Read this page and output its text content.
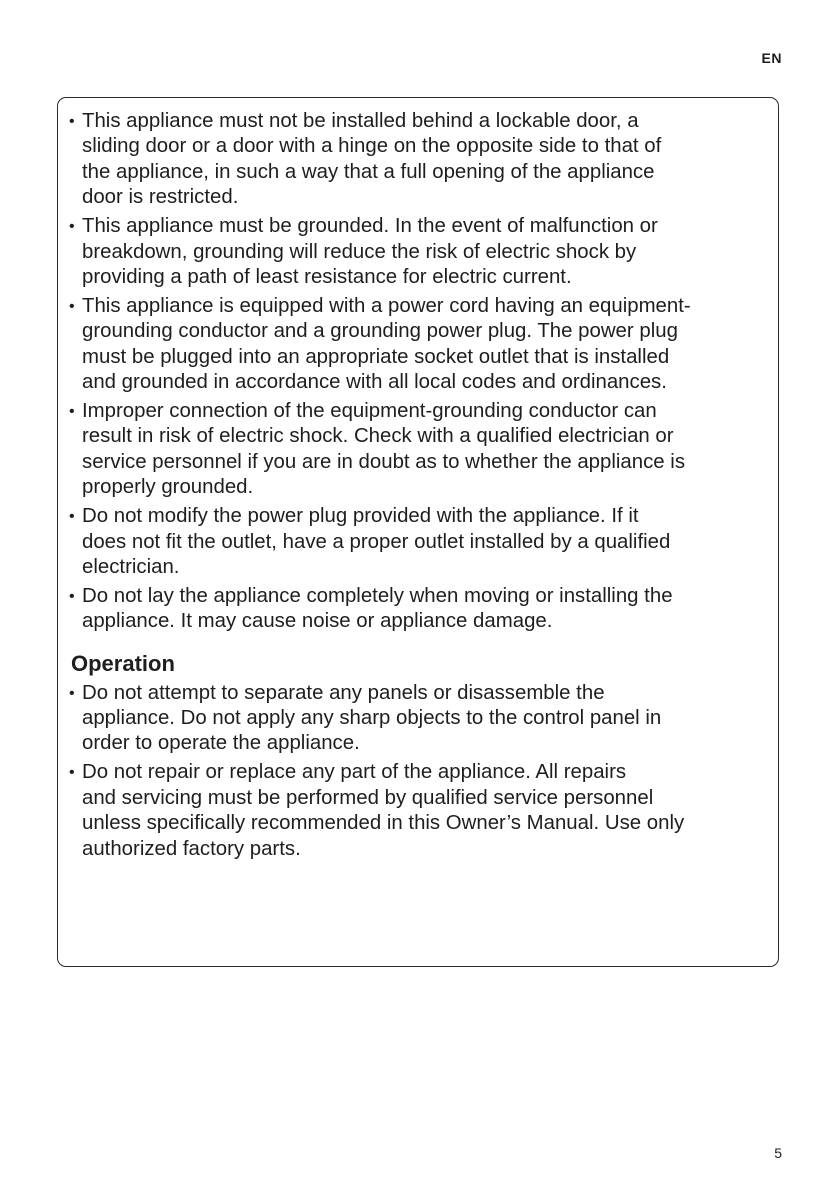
EN
• This appliance must not be installed behind a lockable door, a
sliding door or a door with a hinge on the opposite side to that of
the appliance, in such a way that a full opening of the appliance
door is restricted.
• This appliance must be grounded. In the event of malfunction or
breakdown, grounding will reduce the risk of electric shock by
providing a path of least resistance for electric current.
• This appliance is equipped with a power cord having an equipment-
grounding conductor and a grounding power plug. The power plug
must be plugged into an appropriate socket outlet that is installed
and grounded in accordance with all local codes and ordinances.
• Improper connection of the equipment-grounding conductor can
result in risk of electric shock. Check with a qualified electrician or
service personnel if you are in doubt as to whether the appliance is
properly grounded.
• Do not modify the power plug provided with the appliance. If it
does not fit the outlet, have a proper outlet installed by a qualified
electrician.
• Do not lay the appliance completely when moving or installing the
appliance. It may cause noise or appliance damage.
Operation
• Do not attempt to separate any panels or disassemble the
appliance. Do not apply any sharp objects to the control panel in
order to operate the appliance.
• Do not repair or replace any part of the appliance. All repairs
and servicing must be performed by qualified service personnel
unless specifically recommended in this Owner’s Manual. Use only
authorized factory parts.
5
